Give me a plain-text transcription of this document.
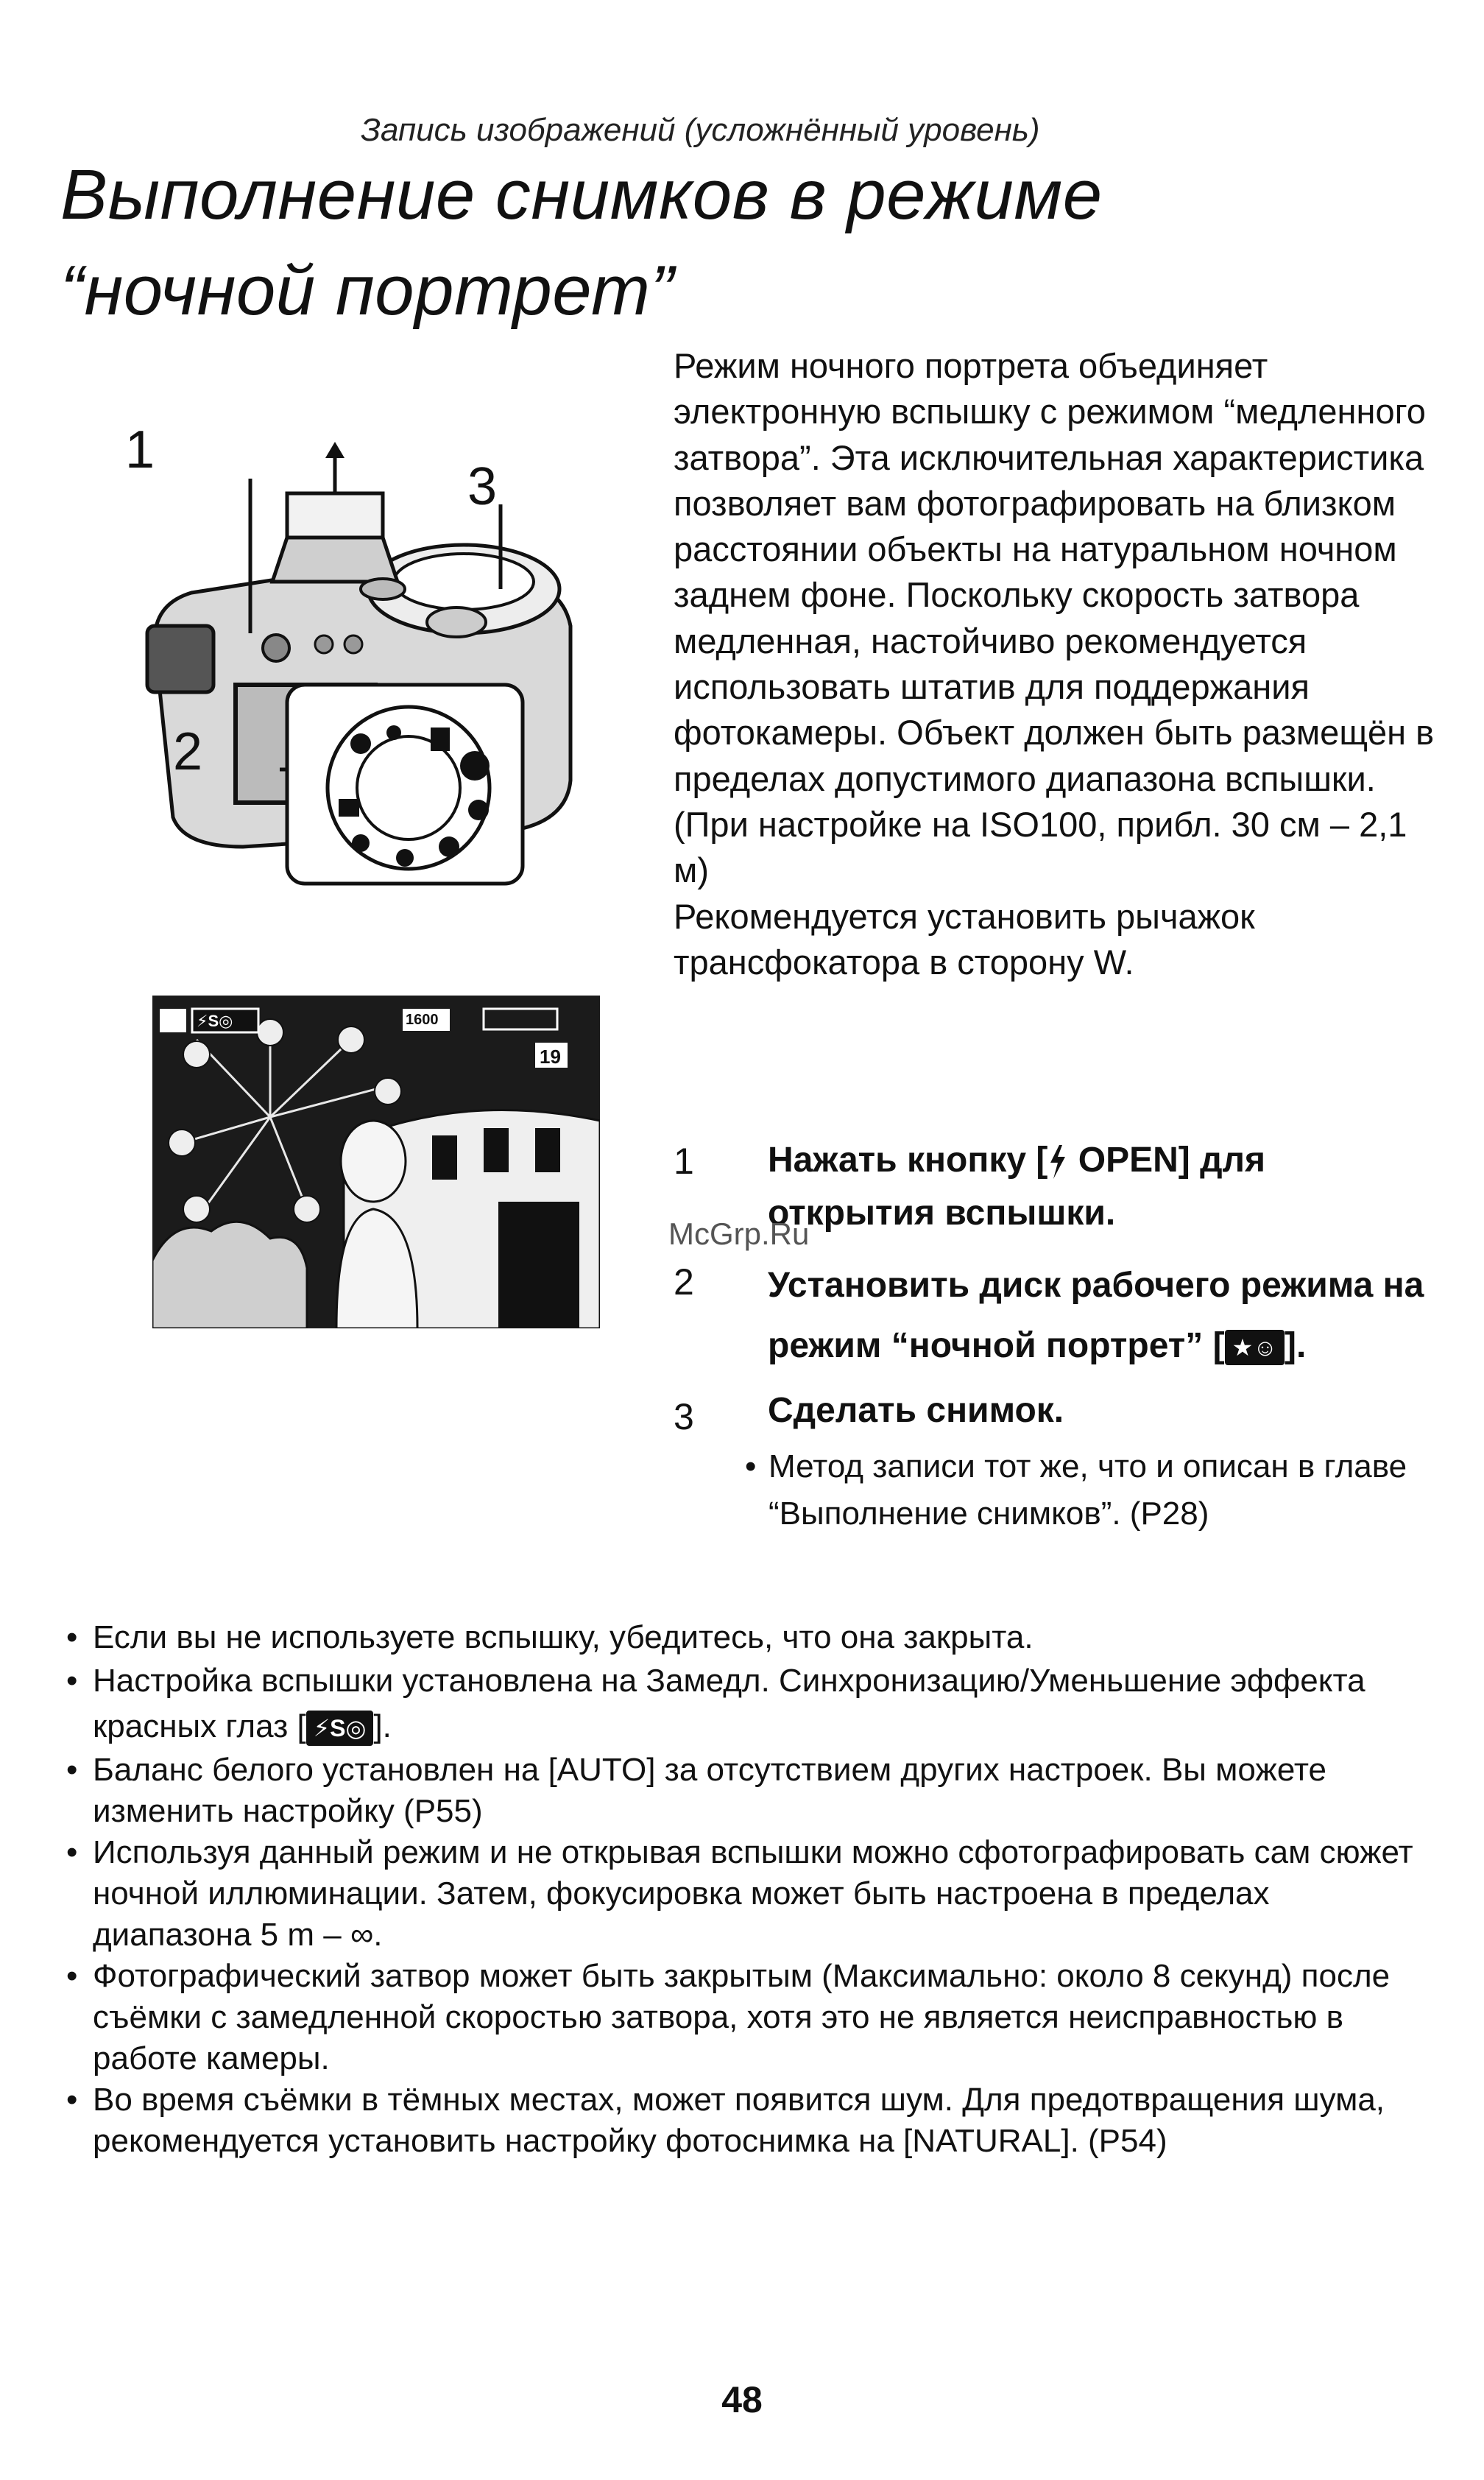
Запись изображений (усложнённый уровень)
Выполнение снимков в режиме
“ночной портрет”
1
2
3
⚡S◎	1600
19

Режим ночного портрета объединяет электронную вспышку с режимом “медленного затвора”. Эта исключительная характеристика позволяет вам фотографировать на близком расстоянии объекты на натуральном ночном заднем фоне. Поскольку скорость затвора медленная, настойчиво рекомендуется использовать штатив для поддержания фотокамеры. Объект должен быть размещён в пределах допустимого диапазона вспышки. (При настройке на ISO100, прибл. 30 см – 2,1 м)

Рекомендуется установить рычажок трансфокатора в сторону W.

1 Нажать кнопку [ OPEN] для открытия вспышки.
2 Установить диск рабочего режима на режим “ночной портрет” [ ★☺ ].
3 Сделать снимок.
• Метод записи тот же, что и описан в главе “Выполнение снимков”. (P28)
McGrp.Ru
• Если вы не используете вспышку, убедитесь, что она закрыта.
• Настройка вспышки установлена на Замедл. Синхронизацию/Уменьшение эффекта красных глаз [ ⚡S◎ ].
• Баланс белого установлен на [AUTO] за отсутствием других настроек. Вы можете изменить настройку (P55)
• Используя данный режим и не открывая вспышки можно сфотографировать сам сюжет ночной иллюминации. Затем, фокусировка может быть настроена в пределах диапазона 5 m – ∞.
• Фотографический затвор может быть закрытым (Максимально: около 8 секунд) после съёмки с замедленной скоростью затвора, хотя это не является неисправностью в работе камеры.
• Во время съёмки в тёмных местах, может появится шум. Для предотвращения шума, рекомендуется установить настройку фотоснимка на [NATURAL]. (P54)
48
